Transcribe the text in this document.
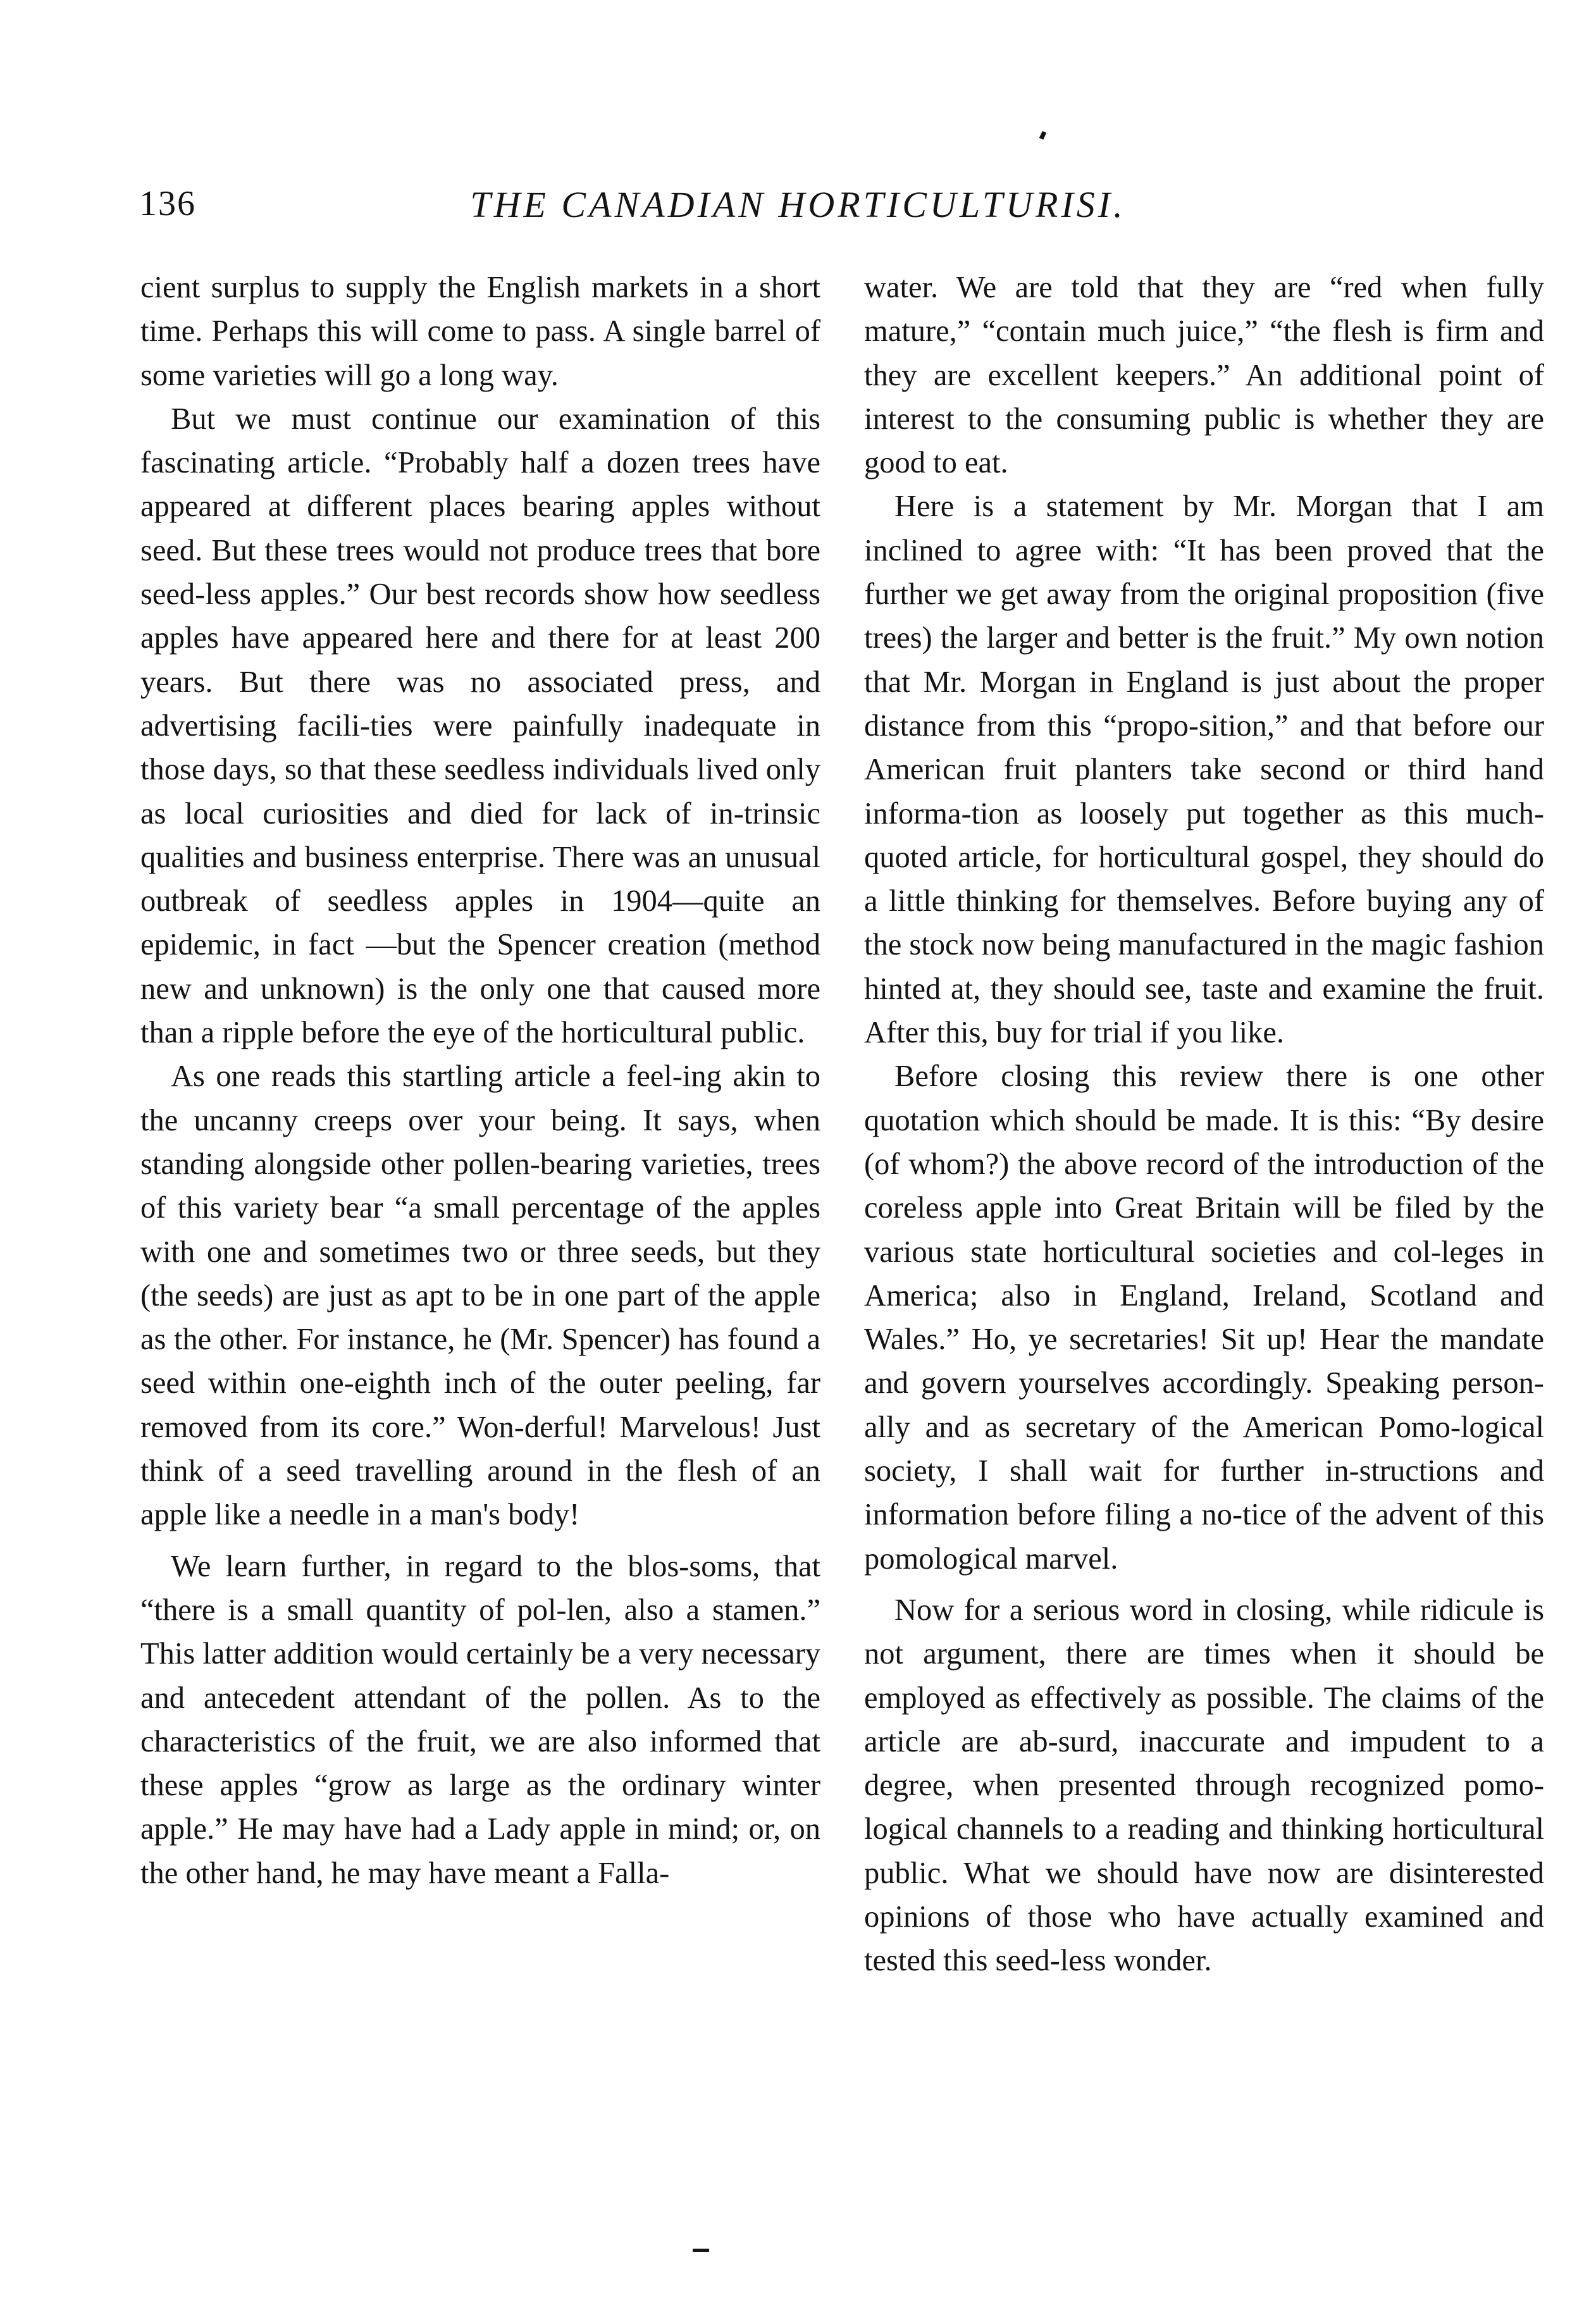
136	THE CANADIAN HORTICULTURISI.

cient surplus to supply the English markets in a short time. Perhaps this will come to pass. A single barrel of some varieties will go a long way.

But we must continue our examination of this fascinating article. “Probably half a dozen trees have appeared at different places bearing apples without seed. But these trees would not produce trees that bore seed-less apples.” Our best records show how seedless apples have appeared here and there for at least 200 years. But there was no associated press, and advertising facili-ties were painfully inadequate in those days, so that these seedless individuals lived only as local curiosities and died for lack of in-trinsic qualities and business enterprise. There was an unusual outbreak of seedless apples in 1904—quite an epidemic, in fact —but the Spencer creation (method new and unknown) is the only one that caused more than a ripple before the eye of the horticultural public.

As one reads this startling article a feel-ing akin to the uncanny creeps over your being. It says, when standing alongside other pollen-bearing varieties, trees of this variety bear “a small percentage of the apples with one and sometimes two or three seeds, but they (the seeds) are just as apt to be in one part of the apple as the other. For instance, he (Mr. Spencer) has found a seed within one-eighth inch of the outer peeling, far removed from its core.” Won-derful! Marvelous! Just think of a seed travelling around in the flesh of an apple like a needle in a man's body!

We learn further, in regard to the blos-soms, that “there is a small quantity of pol-len, also a stamen.” This latter addition would certainly be a very necessary and antecedent attendant of the pollen. As to the characteristics of the fruit, we are also informed that these apples “grow as large as the ordinary winter apple.” He may have had a Lady apple in mind; or, on the other hand, he may have meant a Falla-

water. We are told that they are “red when fully mature,” “contain much juice,” “the flesh is firm and they are excellent keepers.” An additional point of interest to the consuming public is whether they are good to eat.

Here is a statement by Mr. Morgan that I am inclined to agree with: “It has been proved that the further we get away from the original proposition (five trees) the larger and better is the fruit.” My own notion that Mr. Morgan in England is just about the proper distance from this “propo-sition,” and that before our American fruit planters take second or third hand informa-tion as loosely put together as this much-quoted article, for horticultural gospel, they should do a little thinking for themselves. Before buying any of the stock now being manufactured in the magic fashion hinted at, they should see, taste and examine the fruit. After this, buy for trial if you like.

Before closing this review there is one other quotation which should be made. It is this: “By desire (of whom?) the above record of the introduction of the coreless apple into Great Britain will be filed by the various state horticultural societies and col-leges in America; also in England, Ireland, Scotland and Wales.” Ho, ye secretaries! Sit up! Hear the mandate and govern yourselves accordingly. Speaking person-ally and as secretary of the American Pomo-logical society, I shall wait for further in-structions and information before filing a no-tice of the advent of this pomological marvel.

Now for a serious word in closing, while ridicule is not argument, there are times when it should be employed as effectively as possible. The claims of the article are ab-surd, inaccurate and impudent to a degree, when presented through recognized pomo-logical channels to a reading and thinking horticultural public. What we should have now are disinterested opinions of those who have actually examined and tested this seed-less wonder.
